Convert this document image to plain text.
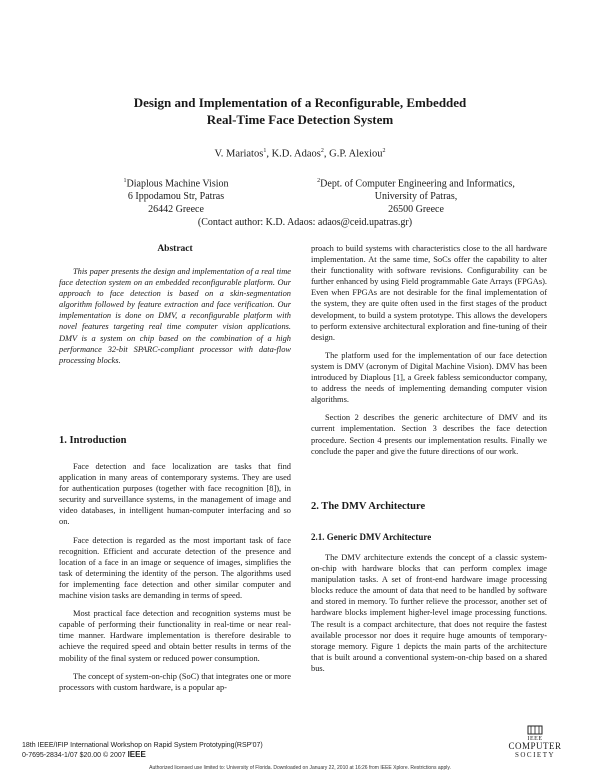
Design and Implementation of a Reconfigurable, Embedded
Real-Time Face Detection System
V. Mariatos$^1$, K.D. Adaos$^2$, G.P. Alexiou$^2$
$^1$Diaplous Machine Vision
6 Ippodamou Str, Patras
26442 Greece
$^2$Dept. of Computer Engineering and Informatics,
University of Patras,
26500 Greece
(Contact author: K.D. Adaos: adaos@ceid.upatras.gr)
Abstract

This paper presents the design and implementation of a real time face detection system on an embedded reconfigurable platform. Our approach to face detection is based on a skin-segmentation algorithm followed by feature extraction and face verification. Our implementation is done on DMV, a reconfigurable platform with novel features targeting real time computer vision applications. DMV is a system on chip based on the combination of a high performance 32-bit SPARC-compliant processor with data-flow processing blocks.

1. Introduction

Face detection and face localization are tasks that find application in many areas of contemporary systems. They are used for authentication purposes (together with face recognition [8]), in security and surveillance systems, in the management of image and video databases, in intelligent human-computer interfacing and so on.

Face detection is regarded as the most important task of face recognition. Efficient and accurate detection of the presence and location of a face in an image or sequence of images, simplifies the task of determining the identity of the person. The algorithms used for implementing face detection and other similar computer and machine vision tasks are demanding in terms of speed.

Most practical face detection and recognition systems must be capable of performing their functionality in real-time or near real-time manner. Hardware implementation is therefore desirable to achieve the required speed and obtain better results in terms of the mobility of the final system or reduced power consumption.

The concept of system-on-chip (SoC) that integrates one or more processors with custom hardware, is a popular ap-

proach to build systems with characteristics close to the all hardware implementation. At the same time, SoCs offer the capability to alter their functionality with software revisions. Configurability can be further enhanced by using Field programmable Gate Arrays (FPGAs). Even when FPGAs are not desirable for the final implementation of the system, they are quite often used in the first stages of the product development, to build a system prototype. This allows the developers to perform extensive architectural exploration and fine-tuning of their design.

The platform used for the implementation of our face detection system is DMV (acronym of Digital Machine Vision). DMV has been introduced by Diaplous [1], a Greek fabless semiconductor company, to address the needs of implementing demanding computer vision algorithms.

Section 2 describes the generic architecture of DMV and its current implementation. Section 3 describes the face detection procedure. Section 4 presents our implementation results. Finally we conclude the paper and give the future directions of our work.

2. The DMV Architecture
2.1. Generic DMV Architecture

The DMV architecture extends the concept of a classic system-on-chip with hardware blocks that can perform complex image manipulation tasks. A set of front-end hardware image processing blocks reduce the amount of data that need to be handled by software and stored in memory. To further relieve the processor, another set of hardware blocks implement higher-level image processing functions. The result is a compact architecture, that does not require the fastest available processor nor does it require huge amounts of temporary-storage memory. Figure 1 depicts the main parts of the architecture that is built around a conventional system-on-chip based on a shared bus.

18th IEEE/IFIP International Workshop on Rapid System Prototyping(RSP'07)
0-7695-2834-1/07 $20.00 © 2007 IEEE
IEEE
COMPUTER
SOCIETY
Authorized licensed use limited to: University of Florida. Downloaded on January 22, 2010 at 16:26 from IEEE Xplore. Restrictions apply.
